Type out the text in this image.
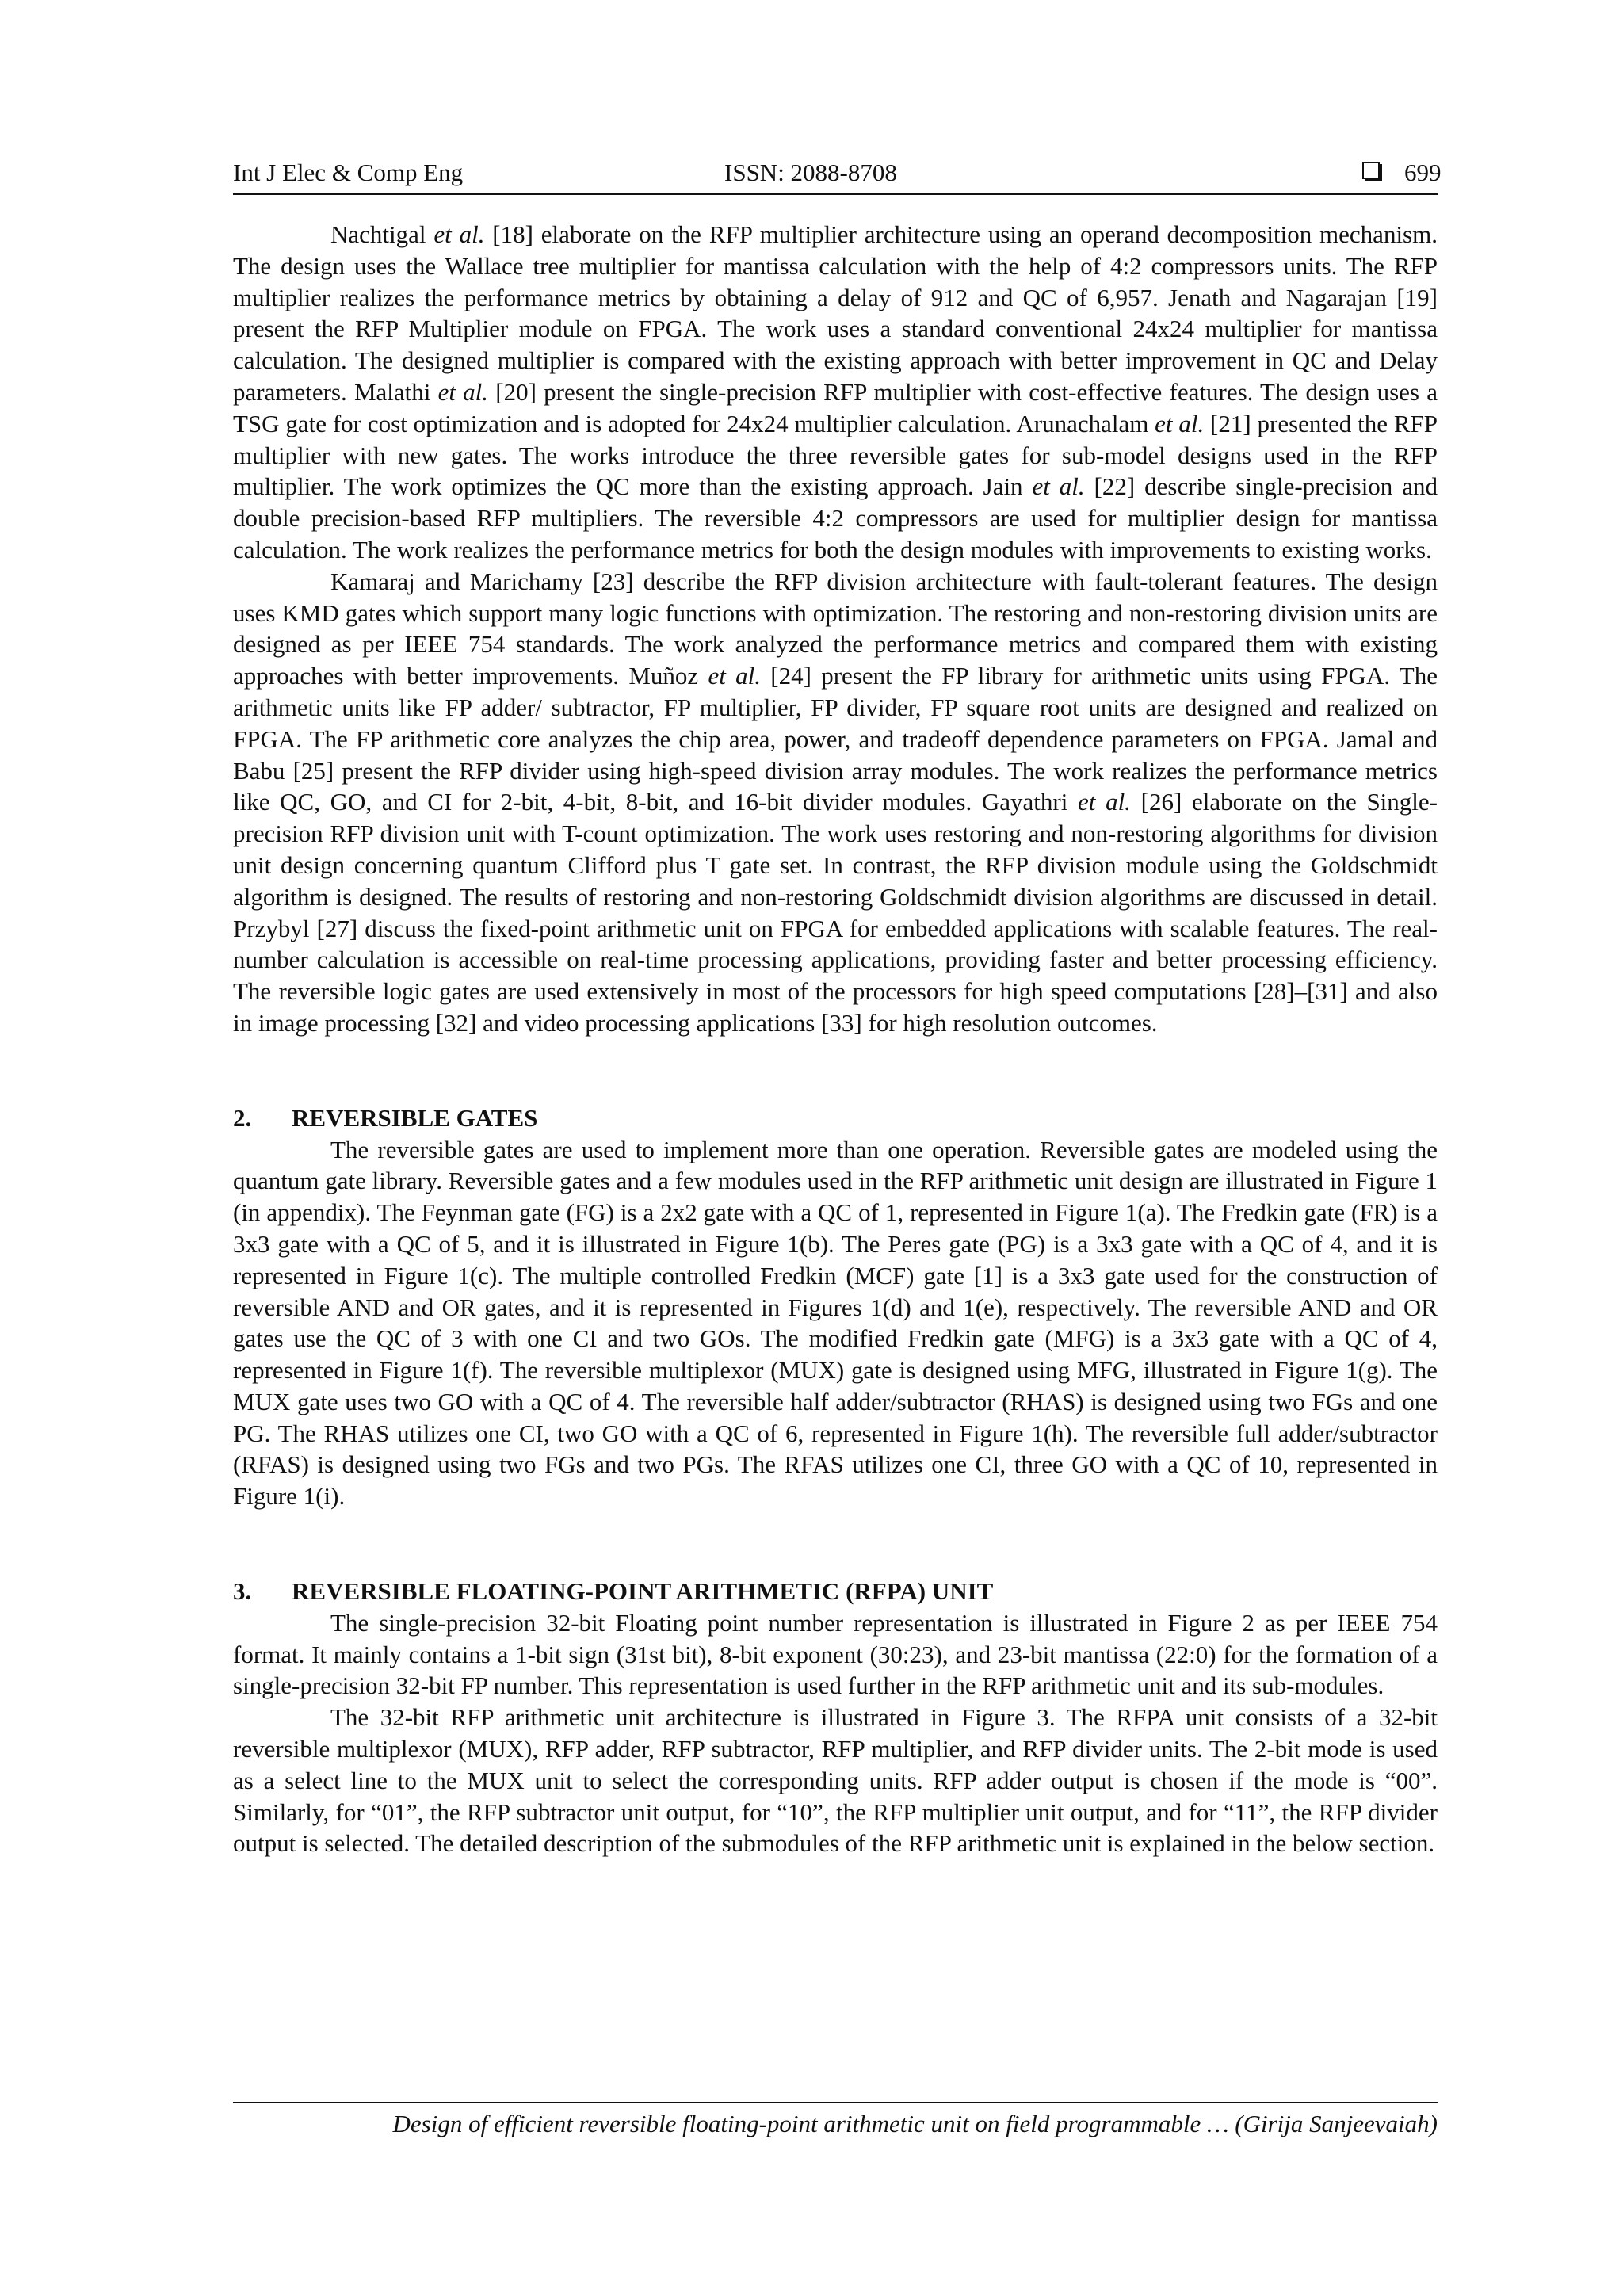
Int J Elec & Comp Eng	ISSN: 2088-8708	699

Nachtigal et al. [18] elaborate on the RFP multiplier architecture using an operand decomposition mechanism. The design uses the Wallace tree multiplier for mantissa calculation with the help of 4:2 compressors units. The RFP multiplier realizes the performance metrics by obtaining a delay of 912 and QC of 6,957. Jenath and Nagarajan [19] present the RFP Multiplier module on FPGA. The work uses a standard conventional 24x24 multiplier for mantissa calculation. The designed multiplier is compared with the existing approach with better improvement in QC and Delay parameters. Malathi et al. [20] present the single-precision RFP multiplier with cost-effective features. The design uses a TSG gate for cost optimization and is adopted for 24x24 multiplier calculation. Arunachalam et al. [21] presented the RFP multiplier with new gates. The works introduce the three reversible gates for sub-model designs used in the RFP multiplier. The work optimizes the QC more than the existing approach. Jain et al. [22] describe single-precision and double precision-based RFP multipliers. The reversible 4:2 compressors are used for multiplier design for mantissa calculation. The work realizes the performance metrics for both the design modules with improvements to existing works.

Kamaraj and Marichamy [23] describe the RFP division architecture with fault-tolerant features. The design uses KMD gates which support many logic functions with optimization. The restoring and non-restoring division units are designed as per IEEE 754 standards. The work analyzed the performance metrics and compared them with existing approaches with better improvements. Muñoz et al. [24] present the FP library for arithmetic units using FPGA. The arithmetic units like FP adder/ subtractor, FP multiplier, FP divider, FP square root units are designed and realized on FPGA. The FP arithmetic core analyzes the chip area, power, and tradeoff dependence parameters on FPGA. Jamal and Babu [25] present the RFP divider using high-speed division array modules. The work realizes the performance metrics like QC, GO, and CI for 2-bit, 4-bit, 8-bit, and 16-bit divider modules. Gayathri et al. [26] elaborate on the Single-precision RFP division unit with T-count optimization. The work uses restoring and non-restoring algorithms for division unit design concerning quantum Clifford plus T gate set. In contrast, the RFP division module using the Goldschmidt algorithm is designed. The results of restoring and non-restoring Goldschmidt division algorithms are discussed in detail. Przybyl [27] discuss the fixed-point arithmetic unit on FPGA for embedded applications with scalable features. The real-number calculation is accessible on real-time processing applications, providing faster and better processing efficiency. The reversible logic gates are used extensively in most of the processors for high speed computations [28]–[31] and also in image processing [32] and video processing applications [33] for high resolution outcomes.

2.	REVERSIBLE GATES

The reversible gates are used to implement more than one operation. Reversible gates are modeled using the quantum gate library. Reversible gates and a few modules used in the RFP arithmetic unit design are illustrated in Figure 1 (in appendix). The Feynman gate (FG) is a 2x2 gate with a QC of 1, represented in Figure 1(a). The Fredkin gate (FR) is a 3x3 gate with a QC of 5, and it is illustrated in Figure 1(b). The Peres gate (PG) is a 3x3 gate with a QC of 4, and it is represented in Figure 1(c). The multiple controlled Fredkin (MCF) gate [1] is a 3x3 gate used for the construction of reversible AND and OR gates, and it is represented in Figures 1(d) and 1(e), respectively. The reversible AND and OR gates use the QC of 3 with one CI and two GOs. The modified Fredkin gate (MFG) is a 3x3 gate with a QC of 4, represented in Figure 1(f). The reversible multiplexor (MUX) gate is designed using MFG, illustrated in Figure 1(g). The MUX gate uses two GO with a QC of 4. The reversible half adder/subtractor (RHAS) is designed using two FGs and one PG. The RHAS utilizes one CI, two GO with a QC of 6, represented in Figure 1(h). The reversible full adder/subtractor (RFAS) is designed using two FGs and two PGs. The RFAS utilizes one CI, three GO with a QC of 10, represented in Figure 1(i).

3.	REVERSIBLE FLOATING-POINT ARITHMETIC (RFPA) UNIT

The single-precision 32-bit Floating point number representation is illustrated in Figure 2 as per IEEE 754 format. It mainly contains a 1-bit sign (31st bit), 8-bit exponent (30:23), and 23-bit mantissa (22:0) for the formation of a single-precision 32-bit FP number. This representation is used further in the RFP arithmetic unit and its sub-modules.

The 32-bit RFP arithmetic unit architecture is illustrated in Figure 3. The RFPA unit consists of a 32-bit reversible multiplexor (MUX), RFP adder, RFP subtractor, RFP multiplier, and RFP divider units. The 2-bit mode is used as a select line to the MUX unit to select the corresponding units. RFP adder output is chosen if the mode is “00”. Similarly, for “01”, the RFP subtractor unit output, for “10”, the RFP multiplier unit output, and for “11”, the RFP divider output is selected. The detailed description of the submodules of the RFP arithmetic unit is explained in the below section.

Design of efficient reversible floating-point arithmetic unit on field programmable … (Girija Sanjeevaiah)
